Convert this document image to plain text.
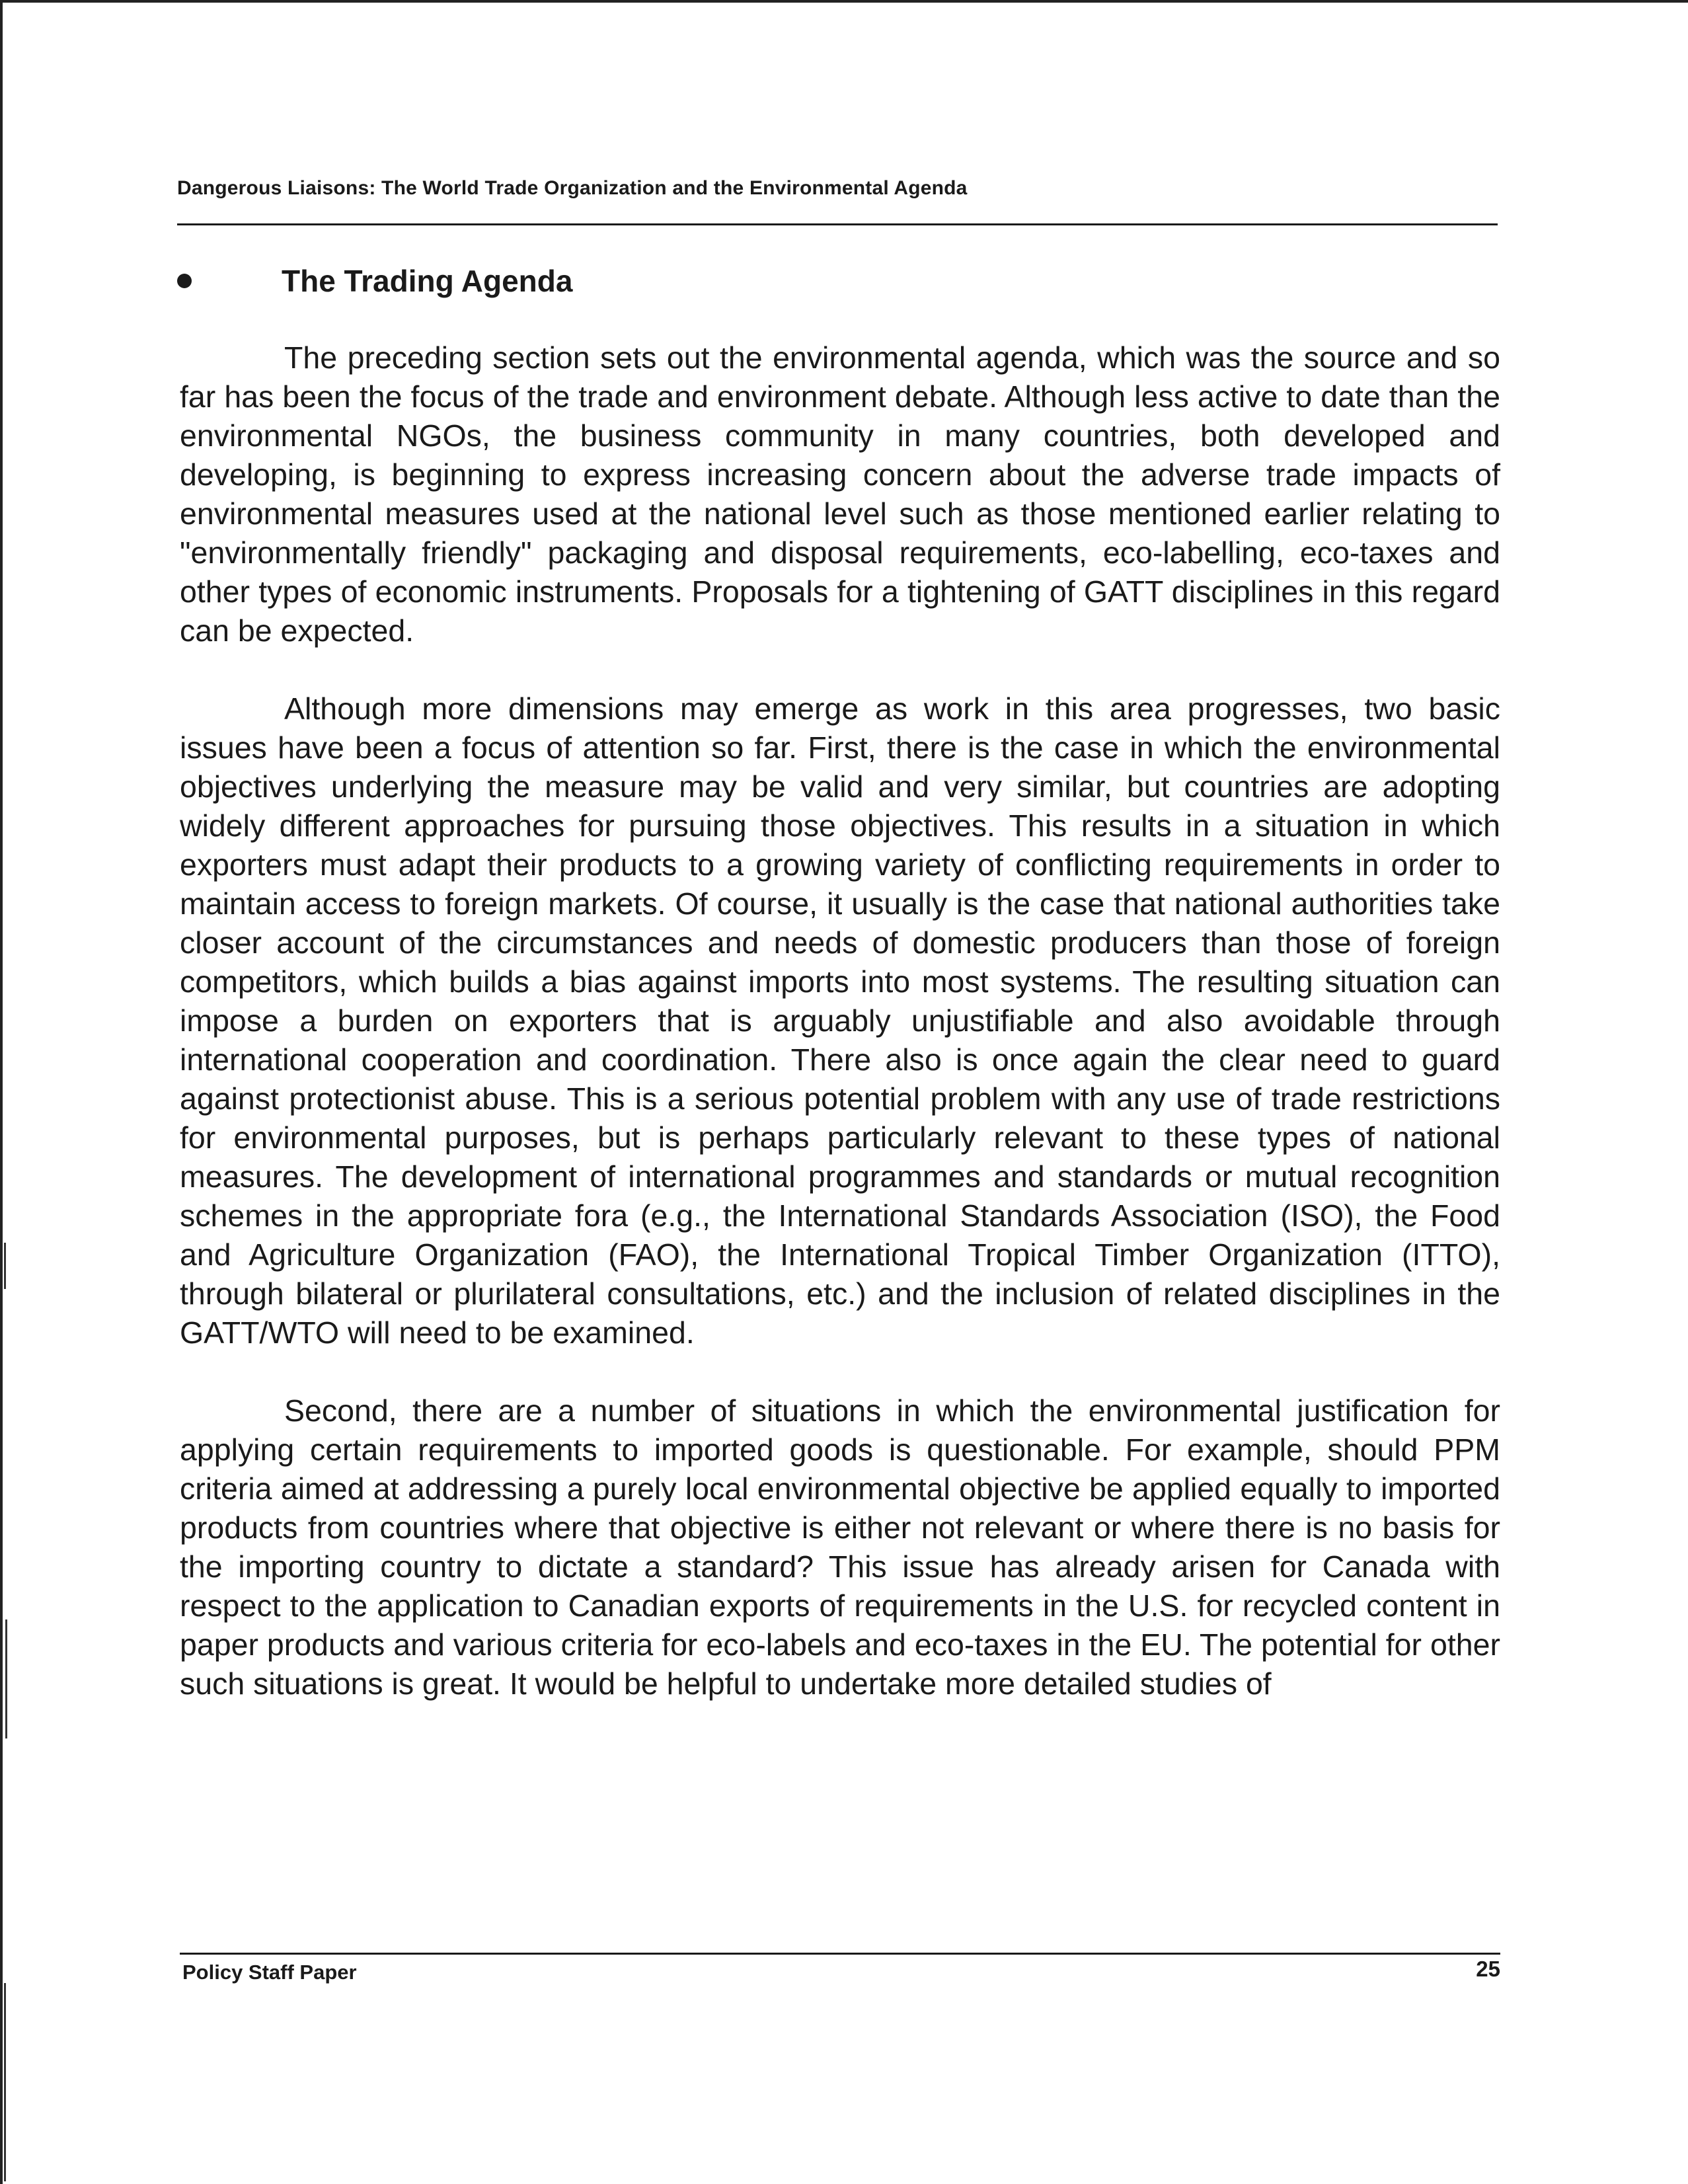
Dangerous Liaisons: The World Trade Organization and the Environmental Agenda
The Trading Agenda

The preceding section sets out the environmental agenda, which was the source and so far has been the focus of the trade and environment debate. Although less active to date than the environmental NGOs, the business community in many countries, both developed and developing, is beginning to express increasing concern about the adverse trade impacts of environmental measures used at the national level such as those mentioned earlier relating to "environmentally friendly" packaging and disposal requirements, eco-labelling, eco-taxes and other types of economic instruments. Proposals for a tightening of GATT disciplines in this regard can be expected.

Although more dimensions may emerge as work in this area progresses, two basic issues have been a focus of attention so far. First, there is the case in which the environmental objectives underlying the measure may be valid and very similar, but countries are adopting widely different approaches for pursuing those objectives. This results in a situation in which exporters must adapt their products to a growing variety of conflicting requirements in order to maintain access to foreign markets. Of course, it usually is the case that national authorities take closer account of the circumstances and needs of domestic producers than those of foreign competitors, which builds a bias against imports into most systems. The resulting situation can impose a burden on exporters that is arguably unjustifiable and also avoidable through international cooperation and coordination. There also is once again the clear need to guard against protectionist abuse. This is a serious potential problem with any use of trade restrictions for environmental purposes, but is perhaps particularly relevant to these types of national measures. The development of international programmes and standards or mutual recognition schemes in the appropriate fora (e.g., the International Standards Association (ISO), the Food and Agriculture Organization (FAO), the International Tropical Timber Organization (ITTO), through bilateral or plurilateral consultations, etc.) and the inclusion of related disciplines in the GATT/WTO will need to be examined.

Second, there are a number of situations in which the environmental justification for applying certain requirements to imported goods is questionable. For example, should PPM criteria aimed at addressing a purely local environmental objective be applied equally to imported products from countries where that objective is either not relevant or where there is no basis for the importing country to dictate a standard? This issue has already arisen for Canada with respect to the application to Canadian exports of requirements in the U.S. for recycled content in paper products and various criteria for eco-labels and eco-taxes in the EU. The potential for other such situations is great. It would be helpful to undertake more detailed studies of

Policy Staff Paper	25
